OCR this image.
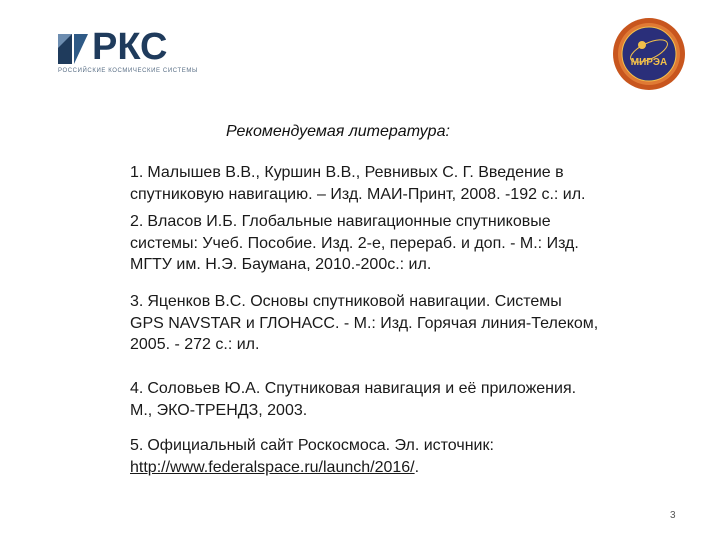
РКС
РОССИЙСКИЕ КОСМИЧЕСКИЕ СИСТЕМЫ
МИРЭА
Рекомендуемая литература:

1. Малышев В.В., Куршин В.В., Ревнивых С. Г. Введение в
спутниковую навигацию. – Изд. МАИ-Принт, 2008. -192 с.: ил.

2. Власов И.Б. Глобальные навигационные спутниковые
системы: Учеб. Пособие. Изд. 2-е, перераб. и доп. - М.: Изд.
МГТУ им. Н.Э. Баумана, 2010.-200с.: ил.

3. Яценков В.С. Основы спутниковой навигации. Системы
GPS NAVSTAR и ГЛОНАСС. - М.: Изд. Горячая линия-Телеком,
2005. - 272 с.: ил.

4. Соловьев Ю.А. Спутниковая навигация и её приложения.
М., ЭКО-ТРЕНДЗ, 2003.

5. Официальный сайт Роскосмоса. Эл. источник:
http://www.federalspace.ru/launch/2016/.

3
